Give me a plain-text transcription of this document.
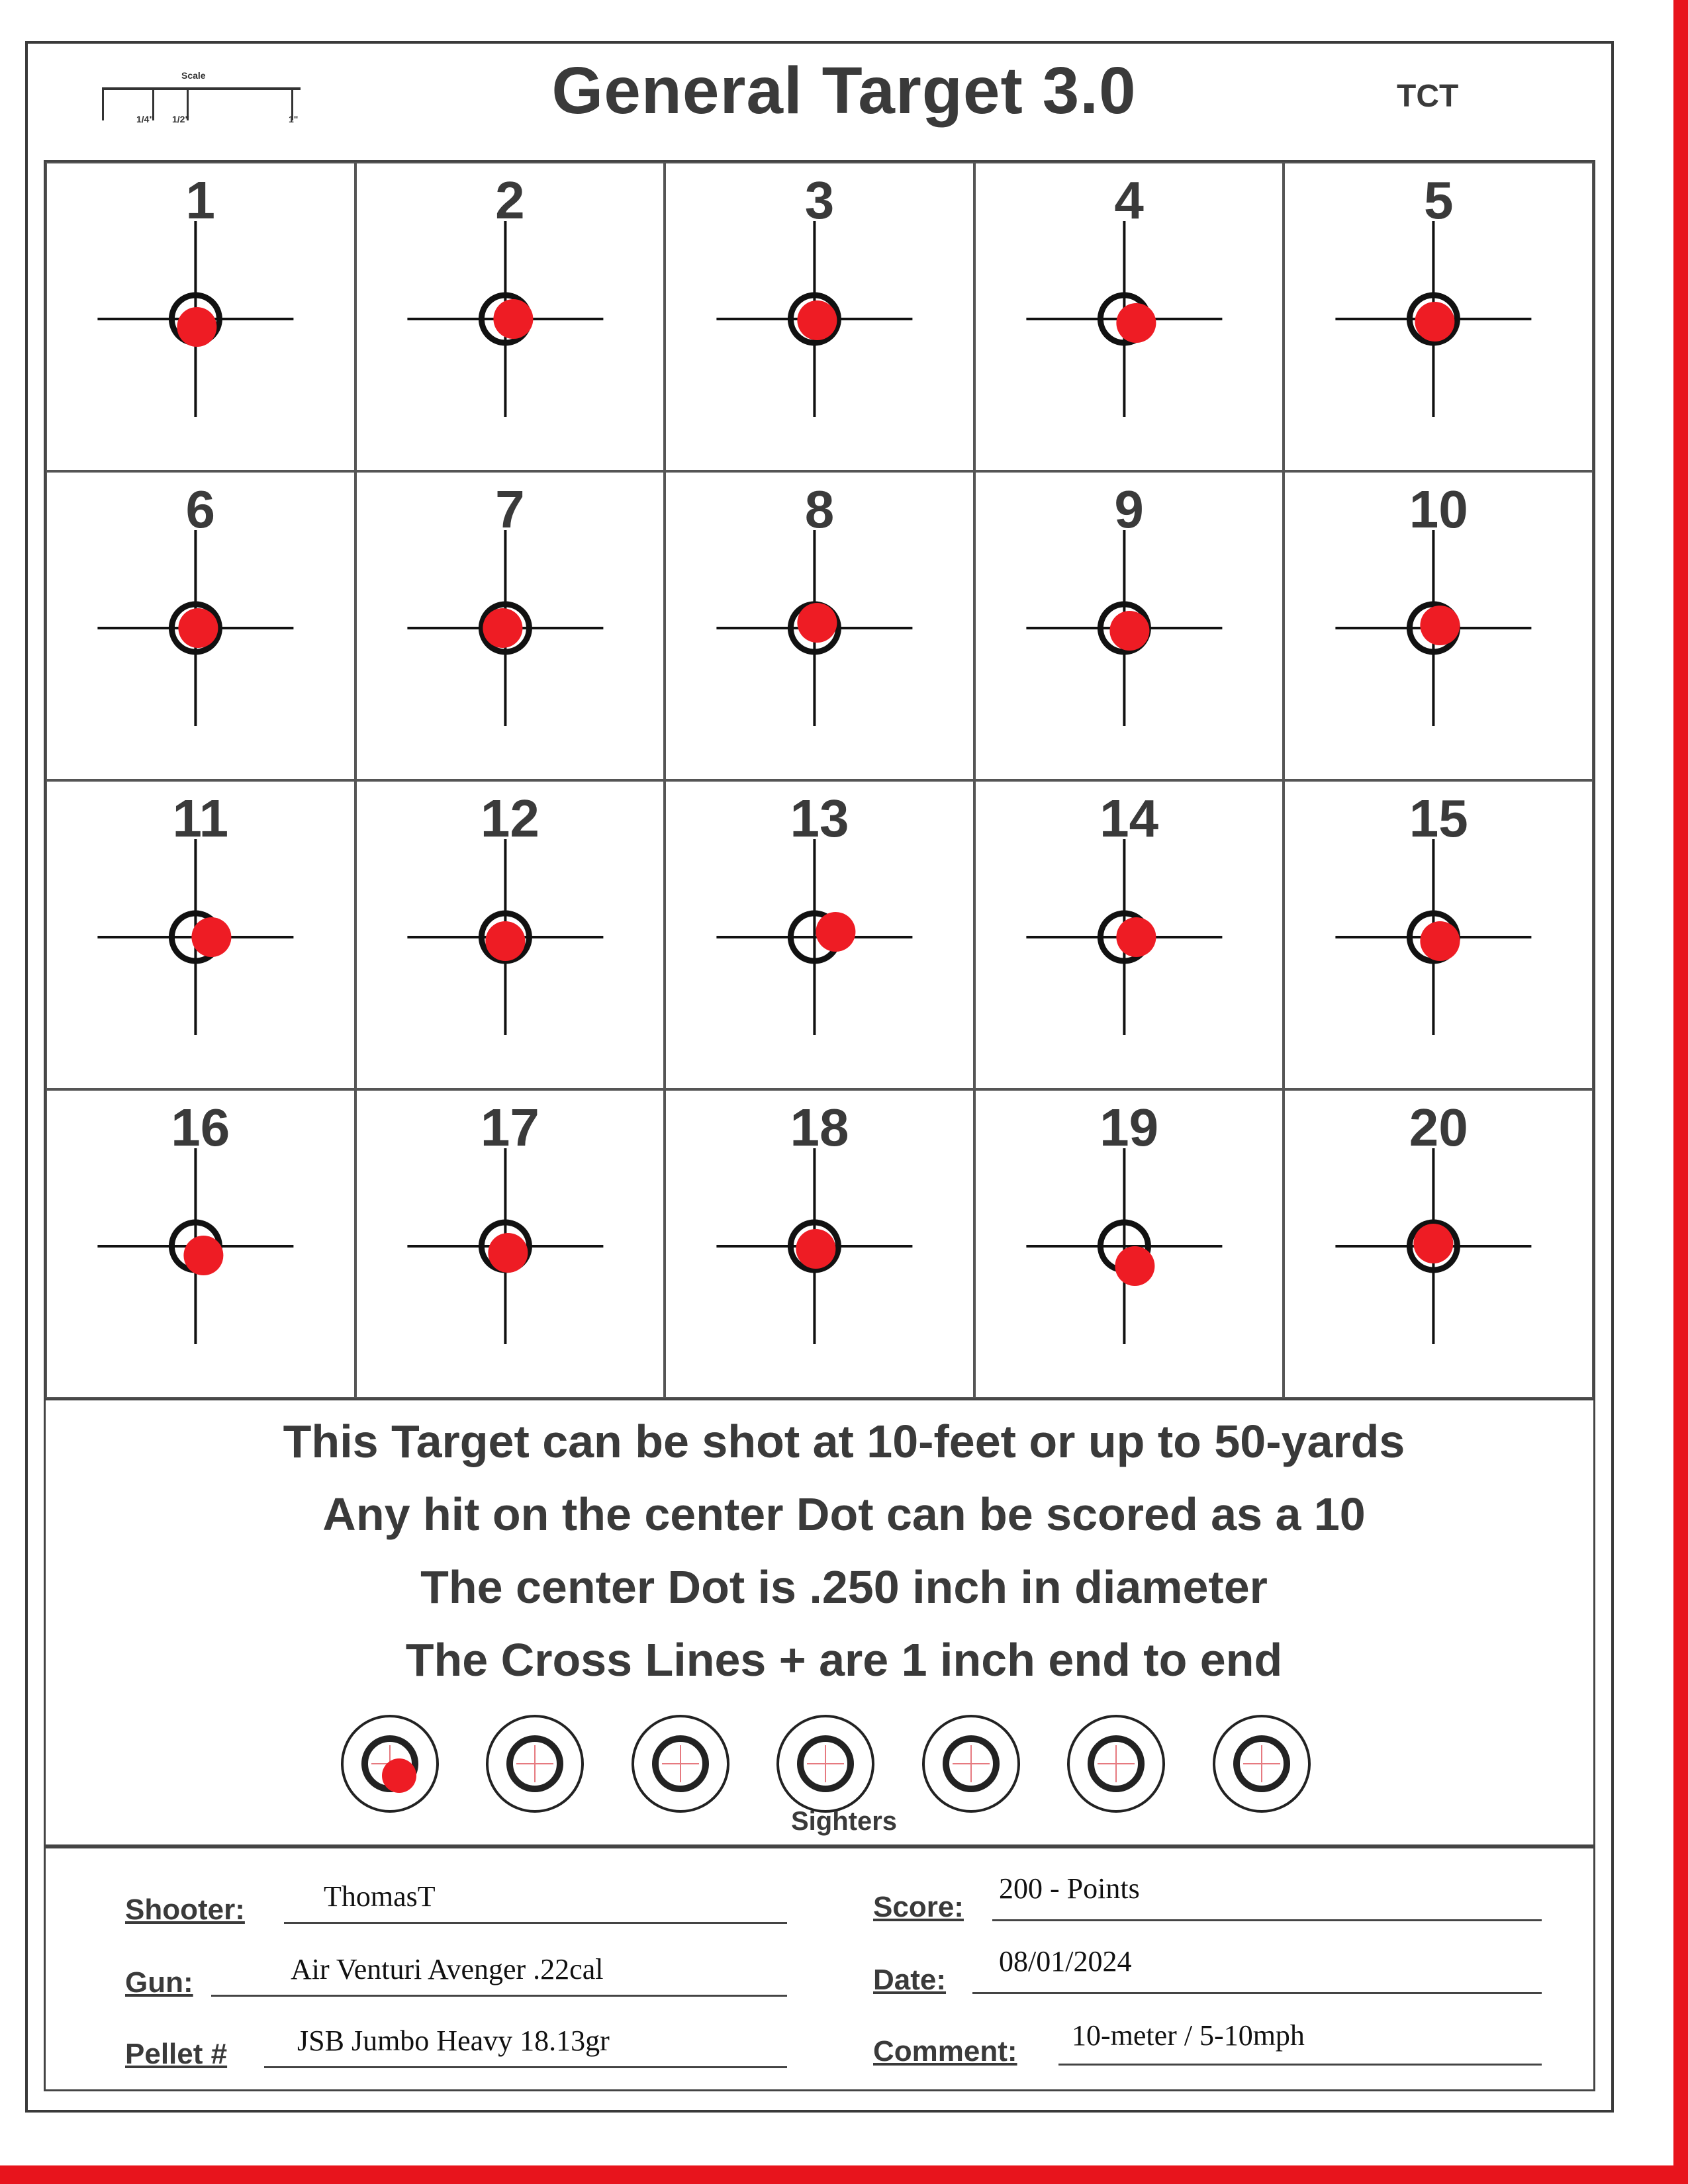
Scale
1/4" 1/2"	1"	General Target 3.0	TCT
1	2	3	4	5
6	7	8	9	10
11	12	13	14	15
16	17	18	19	20
This Target can be shot at 10-feet or up to 50-yards
Any hit on the center Dot can be scored as a 10
The center Dot is .250 inch in diameter
The Cross Lines + are 1 inch end to end
Sighters
Shooter:	ThomasT
Gun:	Air Venturi Avenger .22cal
Pellet # JSB Jumbo Heavy 18.13gr
Score:
200 - Points
Date:
08/01/2024
Comment: 10-meter / 5-10mph
